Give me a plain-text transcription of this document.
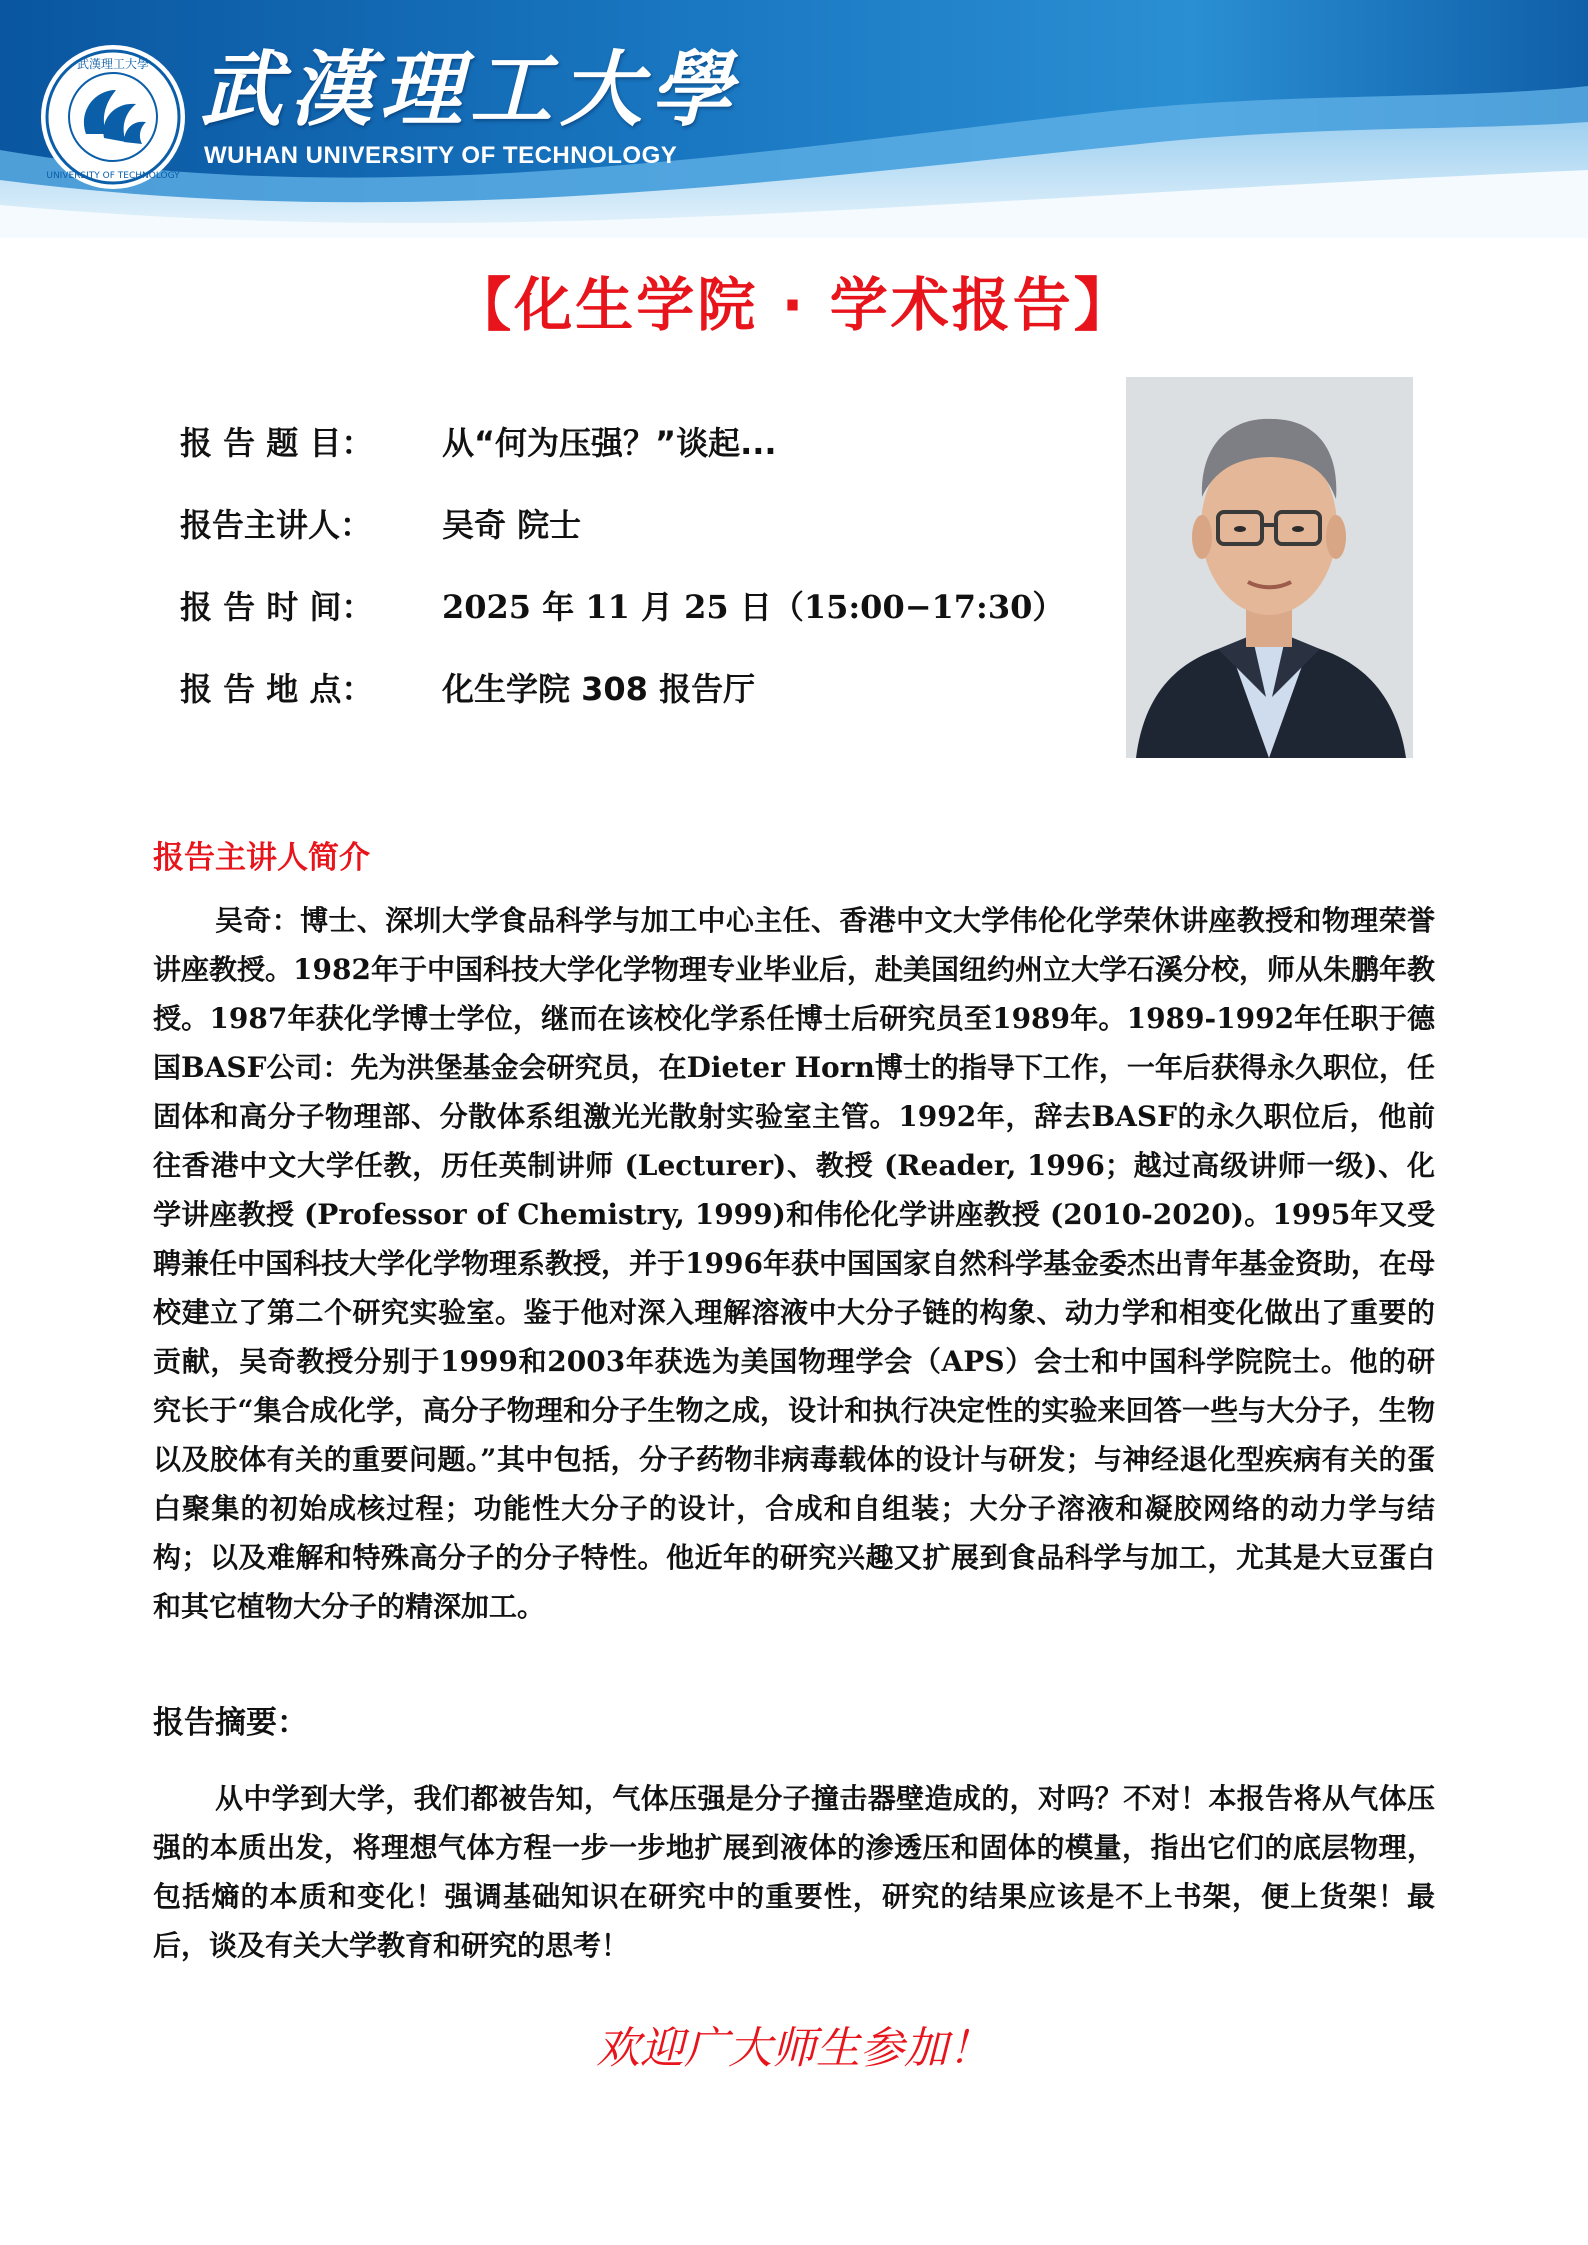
武漢理工大學
UNIVERSITY OF TECHNOLOGY
武漢理工大學
WUHAN UNIVERSITY OF TECHNOLOGY
【化生学院 · 学术报告】
报 告 题 目： 从“何为压强？”谈起...
报告主讲人： 吴奇 院士
报 告 时 间： 2025 年 11 月 25 日（15:00−17:30）
报 告 地 点： 化生学院 308 报告厅
报告主讲人简介
吴奇：博士、深圳大学食品科学与加工中心主任、香港中文大学伟伦化学荣休讲座教授和物理荣誉讲座教授。1982年于中国科技大学化学物理专业毕业后，赴美国纽约州立大学石溪分校，师从朱鹏年教授。1987年获化学博士学位，继而在该校化学系任博士后研究员至1989年。1989-1992年任职于德国BASF公司：先为洪堡基金会研究员，在Dieter Horn博士的指导下工作，一年后获得永久职位，任固体和高分子物理部、分散体系组激光光散射实验室主管。1992年，辞去BASF的永久职位后，他前往香港中文大学任教，历任英制讲师 (Lecturer)、教授 (Reader, 1996；越过高级讲师一级)、化学讲座教授 (Professor of Chemistry, 1999)和伟伦化学讲座教授 (2010-2020)。1995年又受聘兼任中国科技大学化学物理系教授，并于1996年获中国国家自然科学基金委杰出青年基金资助，在母校建立了第二个研究实验室。鉴于他对深入理解溶液中大分子链的构象、动力学和相变化做出了重要的贡献，吴奇教授分别于1999和2003年获选为美国物理学会（APS）会士和中国科学院院士。他的研究长于“集合成化学，高分子物理和分子生物之成，设计和执行决定性的实验来回答一些与大分子，生物以及胶体有关的重要问题。”其中包括，分子药物非病毒载体的设计与研发；与神经退化型疾病有关的蛋白聚集的初始成核过程；功能性大分子的设计，合成和自组装；大分子溶液和凝胶网络的动力学与结构；以及难解和特殊高分子的分子特性。他近年的研究兴趣又扩展到食品科学与加工，尤其是大豆蛋白和其它植物大分子的精深加工。
报告摘要：
从中学到大学，我们都被告知，气体压强是分子撞击器壁造成的，对吗？不对！本报告将从气体压强的本质出发，将理想气体方程一步一步地扩展到液体的渗透压和固体的模量，指出它们的底层物理，包括熵的本质和变化！强调基础知识在研究中的重要性，研究的结果应该是不上书架，便上货架！最后，谈及有关大学教育和研究的思考！
欢迎广大师生参加！
